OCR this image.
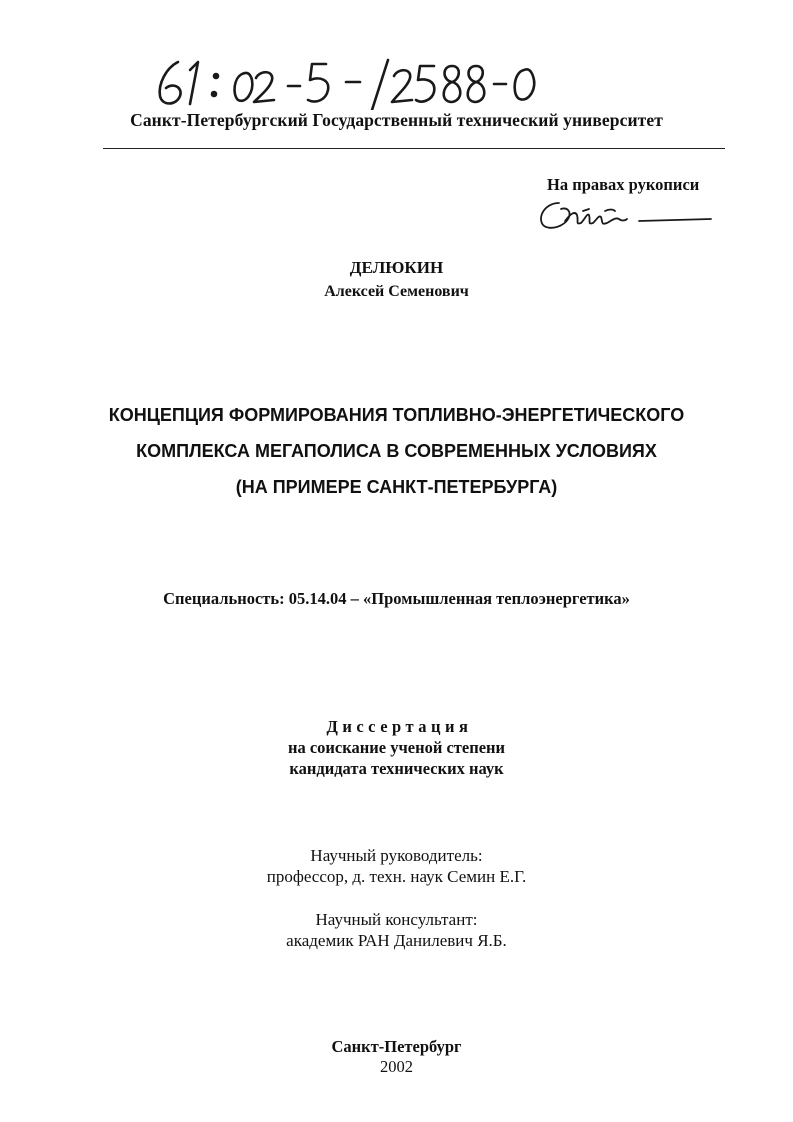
Санкт-Петербургский Государственный технический университет
На правах рукописи
ДЕЛЮКИН
Алексей Семенович
КОНЦЕПЦИЯ ФОРМИРОВАНИЯ ТОПЛИВНО-ЭНЕРГЕТИЧЕСКОГО
КОМПЛЕКСА МЕГАПОЛИСА В СОВРЕМЕННЫХ УСЛОВИЯХ
(НА ПРИМЕРЕ САНКТ-ПЕТЕРБУРГА)
Специальность: 05.14.04 – «Промышленная теплоэнергетика»
Диссертация
на соискание ученой степени
кандидата технических наук
Научный руководитель:
профессор, д. техн. наук Семин Е.Г.
Научный консультант:
академик РАН Данилевич Я.Б.
Санкт-Петербург
2002
